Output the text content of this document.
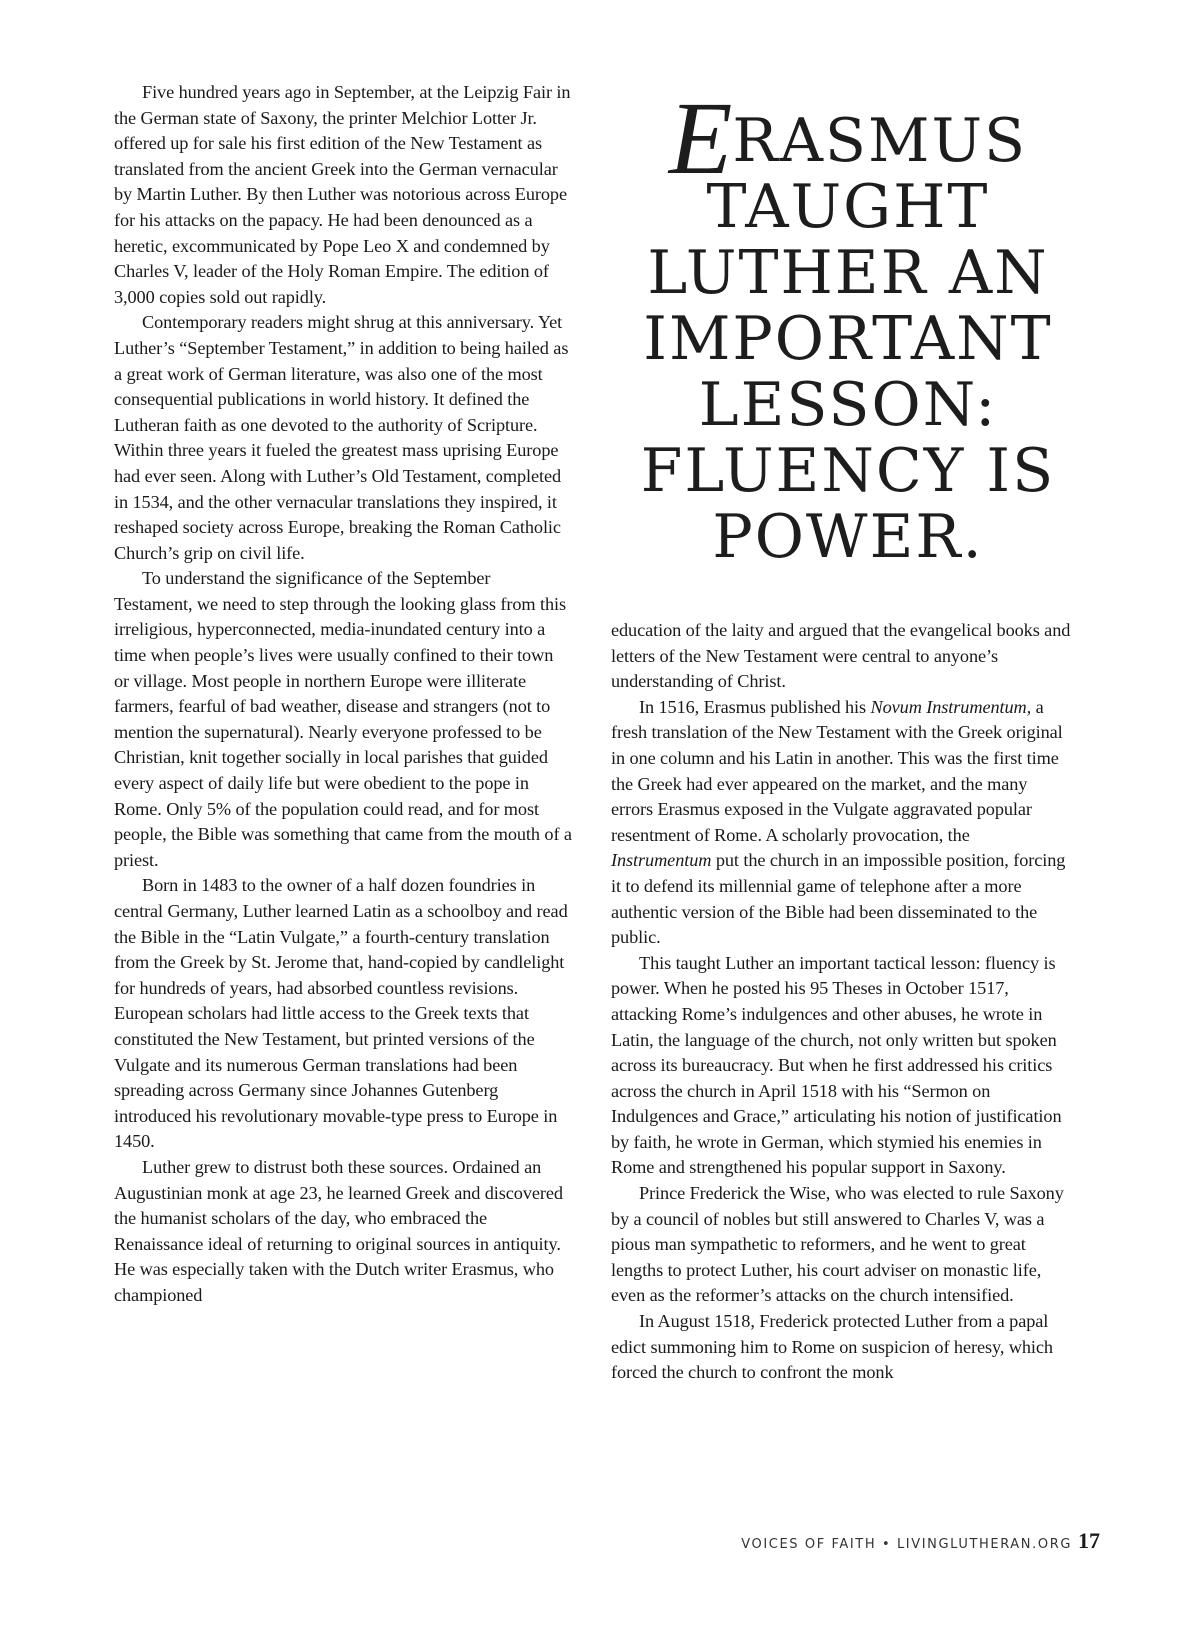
Five hundred years ago in September, at the Leipzig Fair in the German state of Saxony, the printer Melchior Lotter Jr. offered up for sale his first edition of the New Testament as translated from the ancient Greek into the German vernacular by Martin Luther. By then Luther was notorious across Europe for his attacks on the papacy. He had been denounced as a heretic, excommunicated by Pope Leo X and condemned by Charles V, leader of the Holy Roman Empire. The edition of 3,000 copies sold out rapidly.

Contemporary readers might shrug at this anniversary. Yet Luther’s “September Testament,” in addition to being hailed as a great work of German literature, was also one of the most consequential publications in world history. It defined the Lutheran faith as one devoted to the authority of Scripture. Within three years it fueled the greatest mass uprising Europe had ever seen. Along with Luther’s Old Testament, completed in 1534, and the other vernacular translations they inspired, it reshaped society across Europe, breaking the Roman Catholic Church’s grip on civil life.

To understand the significance of the September Testament, we need to step through the looking glass from this irreligious, hyperconnected, media-inundated century into a time when people’s lives were usually confined to their town or village. Most people in northern Europe were illiterate farmers, fearful of bad weather, disease and strangers (not to mention the supernatural). Nearly everyone professed to be Christian, knit together socially in local parishes that guided every aspect of daily life but were obedient to the pope in Rome. Only 5% of the population could read, and for most people, the Bible was something that came from the mouth of a priest.

Born in 1483 to the owner of a half dozen foundries in central Germany, Luther learned Latin as a schoolboy and read the Bible in the “Latin Vulgate,” a fourth-century translation from the Greek by St. Jerome that, hand-copied by candlelight for hundreds of years, had absorbed countless revisions. European scholars had little access to the Greek texts that constituted the New Testament, but printed versions of the Vulgate and its numerous German translations had been spreading across Germany since Johannes Gutenberg introduced his revolutionary movable-type press to Europe in 1450.

Luther grew to distrust both these sources. Ordained an Augustinian monk at age 23, he learned Greek and discovered the humanist scholars of the day, who embraced the Renaissance ideal of returning to original sources in antiquity. He was especially taken with the Dutch writer Erasmus, who championed

ERASMUS TAUGHT LUTHER AN IMPORTANT LESSON: FLUENCY IS POWER.

education of the laity and argued that the evangelical books and letters of the New Testament were central to anyone’s understanding of Christ.

In 1516, Erasmus published his Novum Instrumentum, a fresh translation of the New Testament with the Greek original in one column and his Latin in another. This was the first time the Greek had ever appeared on the market, and the many errors Erasmus exposed in the Vulgate aggravated popular resentment of Rome. A scholarly provocation, the Instrumentum put the church in an impossible position, forcing it to defend its millennial game of telephone after a more authentic version of the Bible had been disseminated to the public.

This taught Luther an important tactical lesson: fluency is power. When he posted his 95 Theses in October 1517, attacking Rome’s indulgences and other abuses, he wrote in Latin, the language of the church, not only written but spoken across its bureaucracy. But when he first addressed his critics across the church in April 1518 with his “Sermon on Indulgences and Grace,” articulating his notion of justification by faith, he wrote in German, which stymied his enemies in Rome and strengthened his popular support in Saxony.

Prince Frederick the Wise, who was elected to rule Saxony by a council of nobles but still answered to Charles V, was a pious man sympathetic to reformers, and he went to great lengths to protect Luther, his court adviser on monastic life, even as the reformer’s attacks on the church intensified.

In August 1518, Frederick protected Luther from a papal edict summoning him to Rome on suspicion of heresy, which forced the church to confront the monk

VOICES OF FAITH • LIVINGLUTHERAN.ORG 17
